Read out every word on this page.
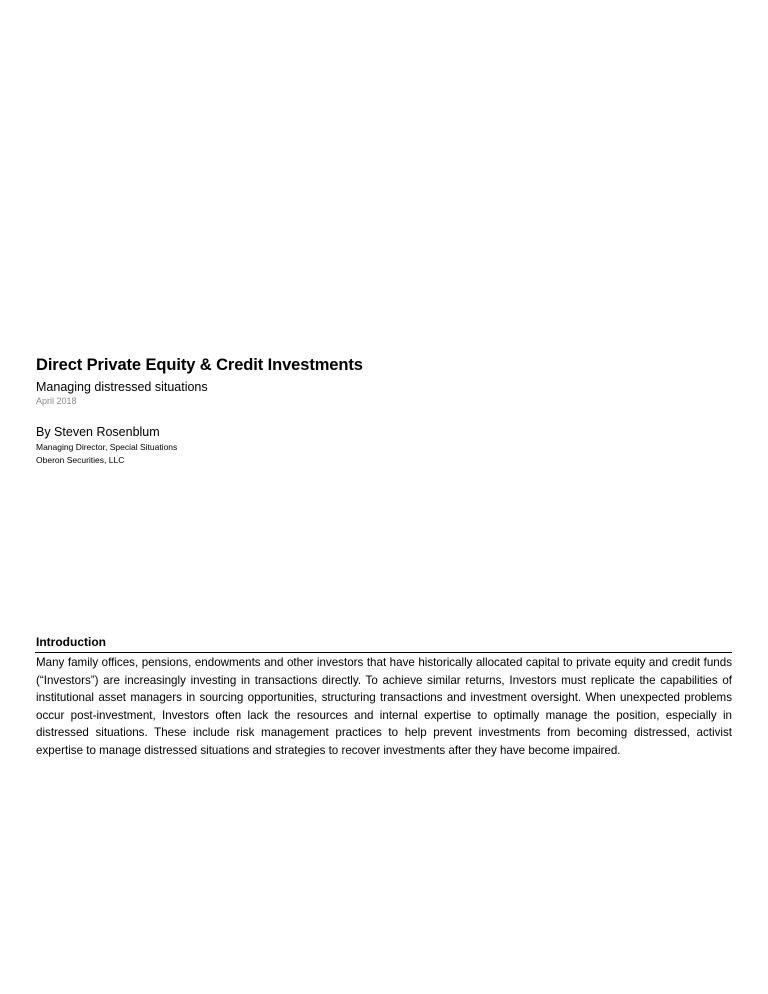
Direct Private Equity & Credit Investments
Managing distressed situations
April 2018
By Steven Rosenblum
Managing Director, Special Situations
Oberon Securities, LLC
Introduction
Many family offices, pensions, endowments and other investors that have historically allocated capital to private equity and credit funds (“Investors”) are increasingly investing in transactions directly. To achieve similar returns, Investors must replicate the capabilities of institutional asset managers in sourcing opportunities, structuring transactions and investment oversight. When unexpected problems occur post-investment, Investors often lack the resources and internal expertise to optimally manage the position, especially in distressed situations. These include risk management practices to help prevent investments from becoming distressed, activist expertise to manage distressed situations and strategies to recover investments after they have become impaired.
